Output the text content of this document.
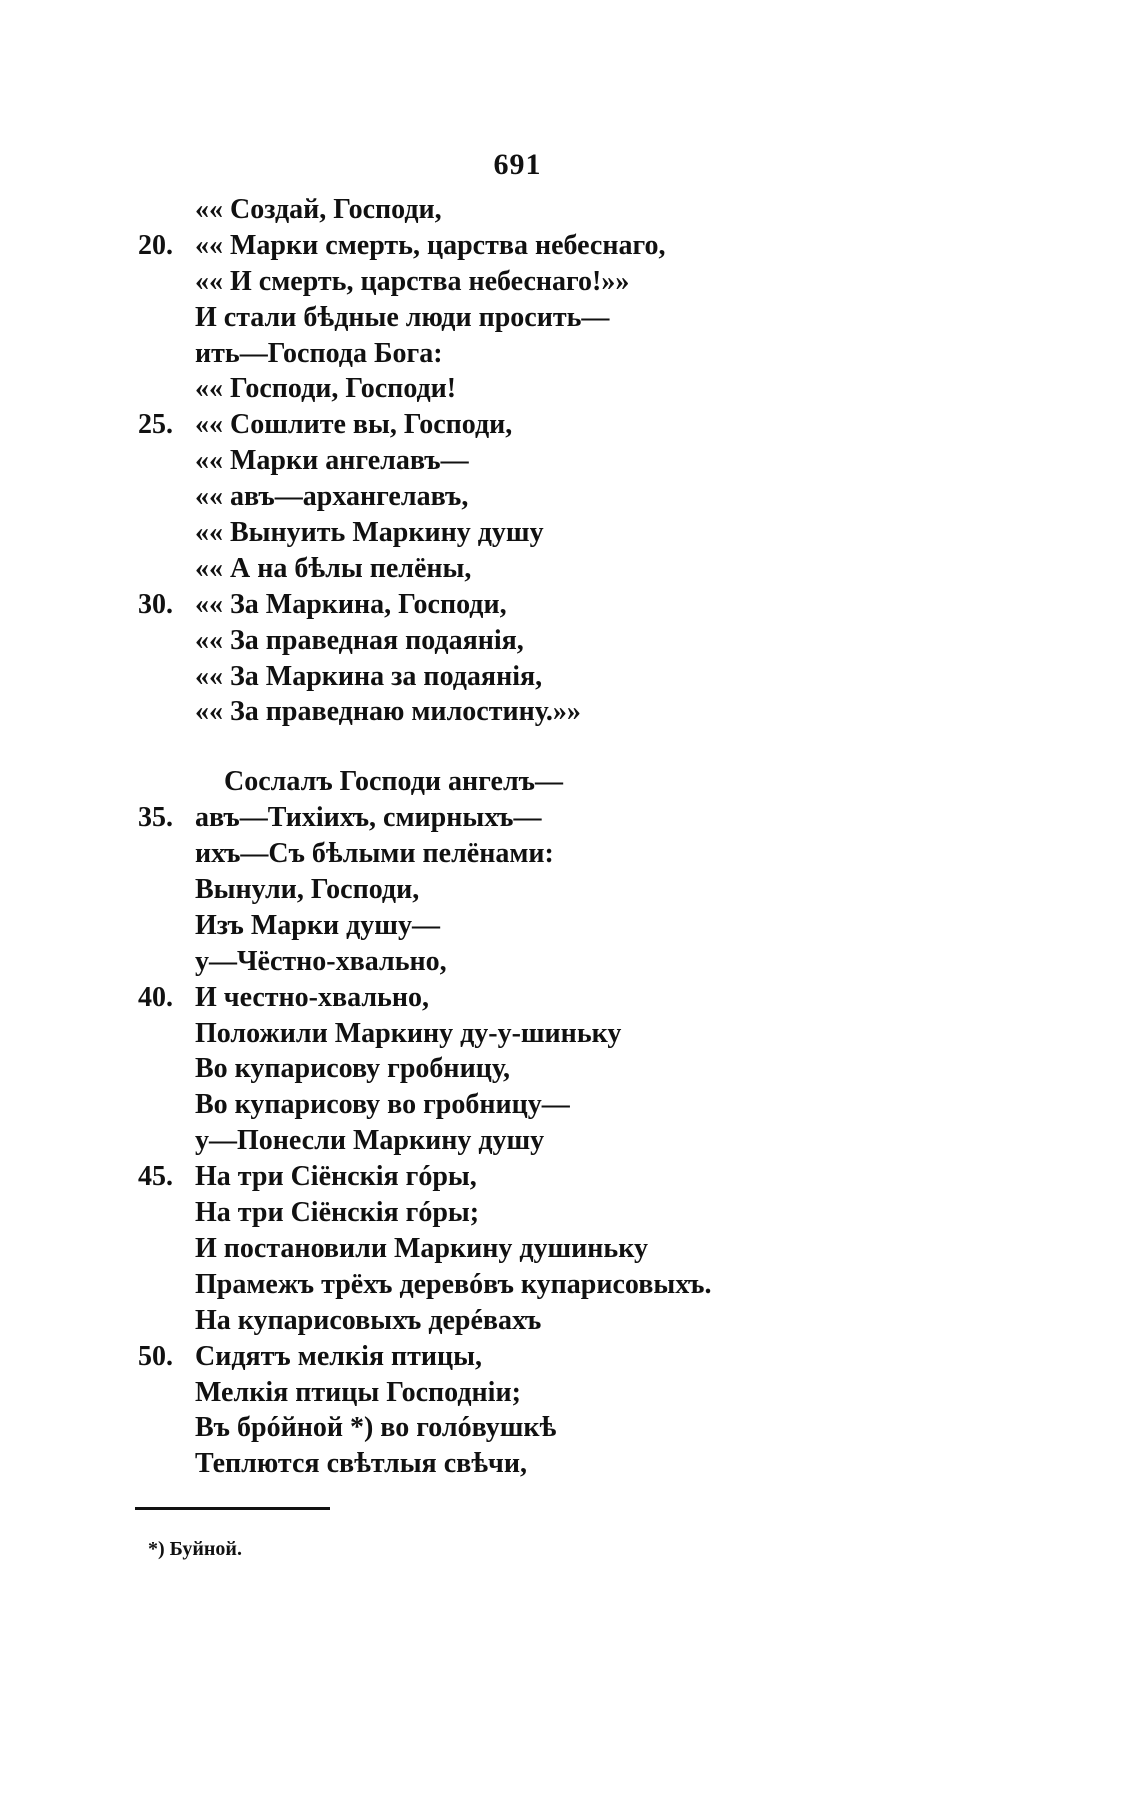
691
«« Создай, Господи,
20. «« Марки смерть, царства небеснаго,
«« И смерть, царства небеснаго!»»
И стали бѣдные люди просить—
ить—Господа Бога:
«« Господи, Господи!
25. «« Сошлите вы, Господи,
«« Марки ангелавъ—
«« авъ—архангелавъ,
«« Вынуить Маркину душу
«« А на бѣлы пелёны,
30. «« За Маркина, Господи,
«« За праведная подаянія,
«« За Маркина за подаянія,
«« За праведнаю милостину.»»
Сослалъ Господи ангелъ—
35. авъ—Тихіихъ, смирныхъ—
ихъ—Съ бѣлыми пелёнами:
Вынули, Господи,
Изъ Марки душу—
у—Чёстно-хвально,
40. И честно-хвально,
Положили Маркину ду-у-шиньку
Во купарисову гробницу,
Во купарисову во гробницу—
у—Понесли Маркину душу
45. На три Сiёнскiя гóры,
На три Сiёнскiя гóры;
И постановили Маркину душиньку
Прамежъ трёхъ деревóвъ купарисовыхъ.
На купарисовыхъ дерéвахъ
50. Сидятъ мелкiя птицы,
Мелкiя птицы Господнiи;
Въ брóйной *) во голóвушкѣ
Теплются свѣтлыя свѣчи,
*) Буйной.
